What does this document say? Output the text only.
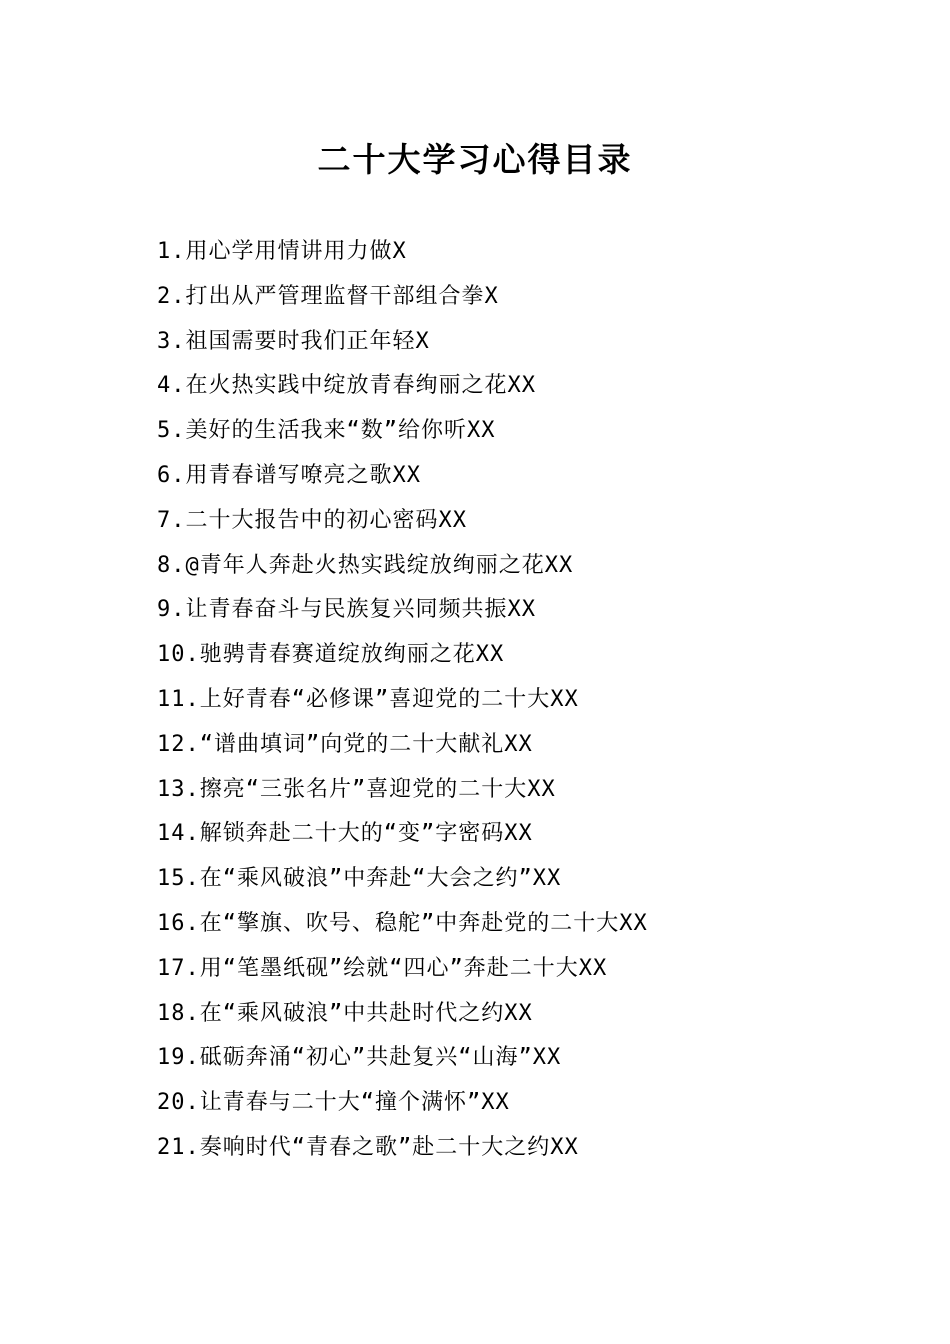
二十大学习心得目录
1.用心学用情讲用力做X
2.打出从严管理监督干部组合拳X
3.祖国需要时我们正年轻X
4.在火热实践中绽放青春绚丽之花XX
5.美好的生活我来“数”给你听XX
6.用青春谱写嘹亮之歌XX
7.二十大报告中的初心密码XX
8.@青年人奔赴火热实践绽放绚丽之花XX
9.让青春奋斗与民族复兴同频共振XX
10.驰骋青春赛道绽放绚丽之花XX
11.上好青春“必修课”喜迎党的二十大XX
12.“谱曲填词”向党的二十大献礼XX
13.擦亮“三张名片”喜迎党的二十大XX
14.解锁奔赴二十大的“变”字密码XX
15.在“乘风破浪”中奔赴“大会之约”XX
16.在“擎旗、吹号、稳舵”中奔赴党的二十大XX
17.用“笔墨纸砚”绘就“四心”奔赴二十大XX
18.在“乘风破浪”中共赴时代之约XX
19.砥砺奔涌“初心”共赴复兴“山海”XX
20.让青春与二十大“撞个满怀”XX
21.奏响时代“青春之歌”赴二十大之约XX
